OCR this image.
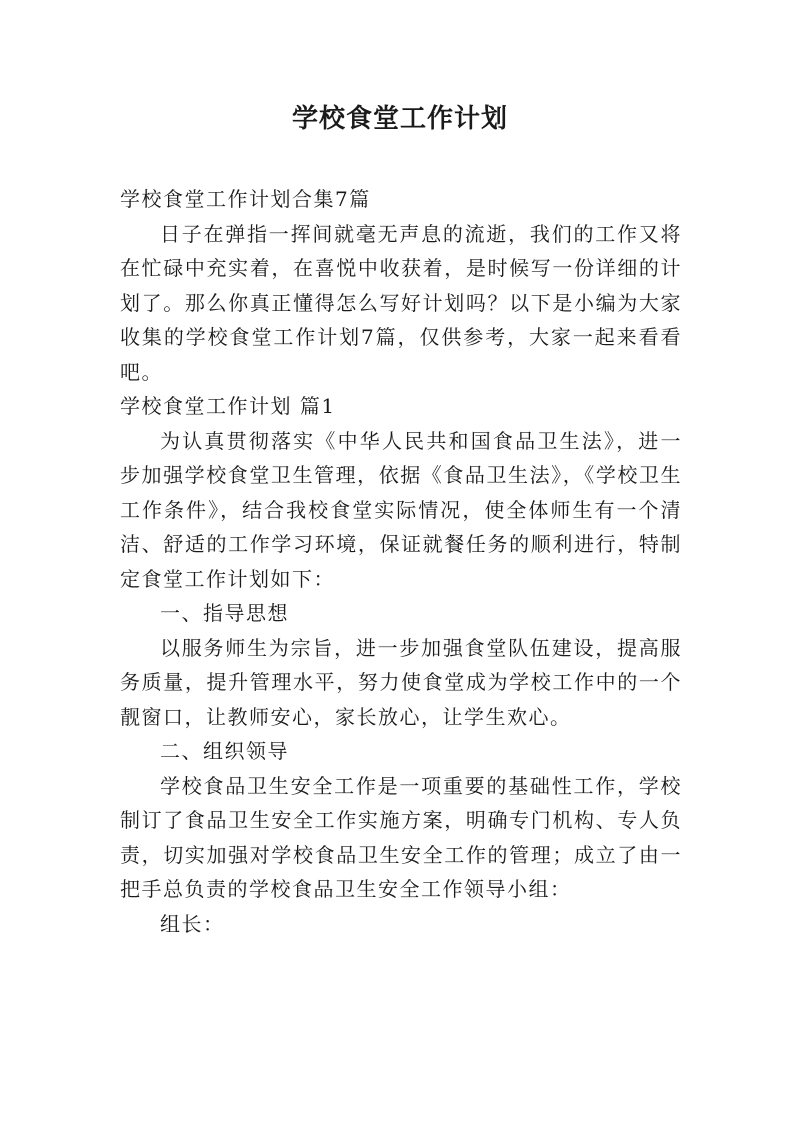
学校食堂工作计划

学校食堂工作计划合集7篇

日子在弹指一挥间就毫无声息的流逝，我们的工作又将在忙碌中充实着，在喜悦中收获着，是时候写一份详细的计划了。那么你真正懂得怎么写好计划吗？以下是小编为大家收集的学校食堂工作计划7篇，仅供参考，大家一起来看看吧。

学校食堂工作计划 篇1

为认真贯彻落实《中华人民共和国食品卫生法》，进一步加强学校食堂卫生管理，依据《食品卫生法》，《学校卫生工作条件》，结合我校食堂实际情况，使全体师生有一个清洁、舒适的工作学习环境，保证就餐任务的顺利进行，特制定食堂工作计划如下：

一、指导思想

以服务师生为宗旨，进一步加强食堂队伍建设，提高服务质量，提升管理水平，努力使食堂成为学校工作中的一个靓窗口，让教师安心，家长放心，让学生欢心。

二、组织领导

学校食品卫生安全工作是一项重要的基础性工作，学校制订了食品卫生安全工作实施方案，明确专门机构、专人负责，切实加强对学校食品卫生安全工作的管理；成立了由一把手总负责的学校食品卫生安全工作领导小组：

组长：
